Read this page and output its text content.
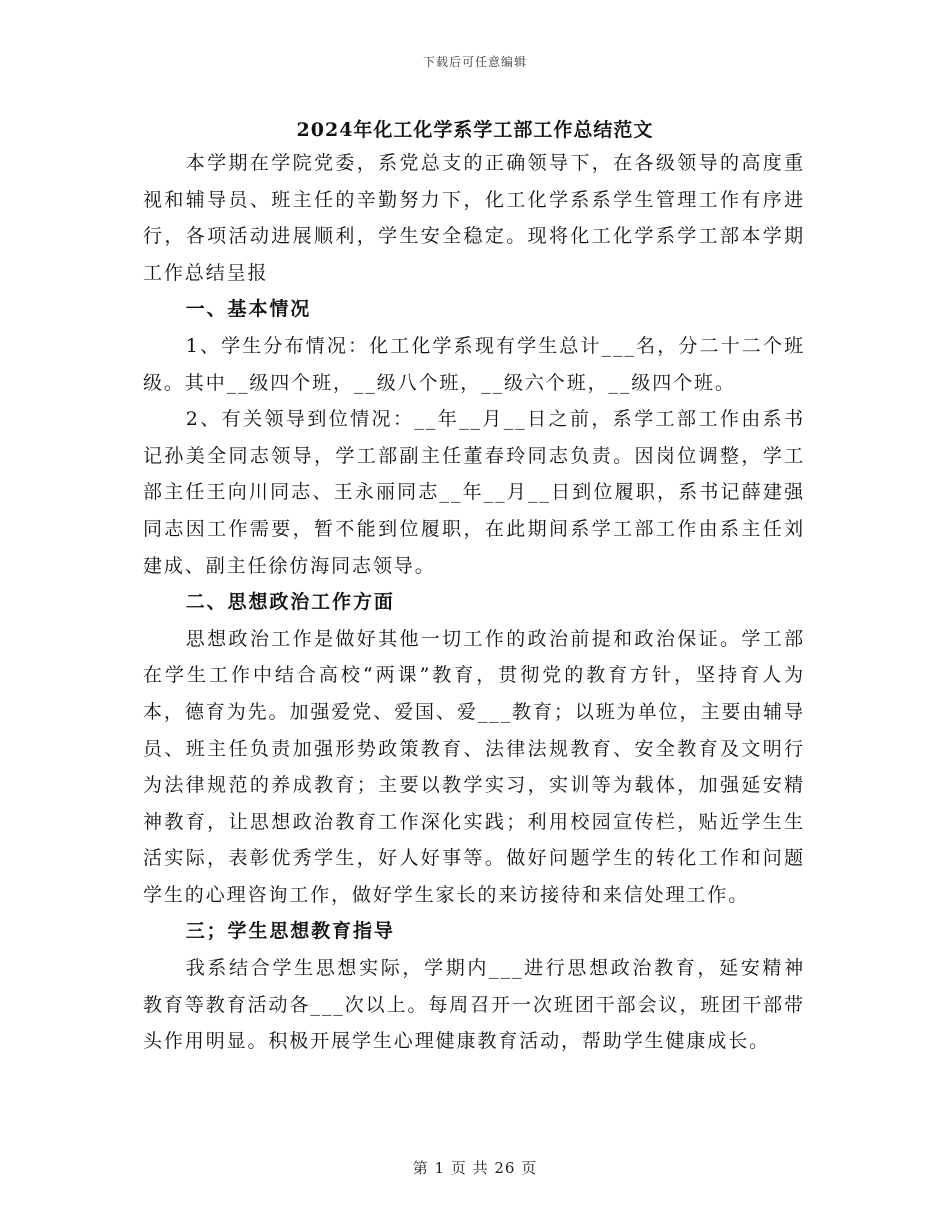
下载后可任意编辑
2024年化工化学系学工部工作总结范文

本学期在学院党委，系党总支的正确领导下，在各级领导的高度重视和辅导员、班主任的辛勤努力下，化工化学系系学生管理工作有序进行，各项活动进展顺利，学生安全稳定。现将化工化学系学工部本学期工作总结呈报

一、基本情况

1、学生分布情况：化工化学系现有学生总计___名，分二十二个班级。其中__级四个班，__级八个班，__级六个班，__级四个班。

2、有关领导到位情况：__年__月__日之前，系学工部工作由系书记孙美全同志领导，学工部副主任董春玲同志负责。因岗位调整，学工部主任王向川同志、王永丽同志__年__月__日到位履职，系书记薛建强同志因工作需要，暂不能到位履职，在此期间系学工部工作由系主任刘建成、副主任徐仿海同志领导。

二、思想政治工作方面

思想政治工作是做好其他一切工作的政治前提和政治保证。学工部在学生工作中结合高校“两课”教育，贯彻党的教育方针，坚持育人为本，德育为先。加强爱党、爱国、爱___教育；以班为单位，主要由辅导员、班主任负责加强形势政策教育、法律法规教育、安全教育及文明行为法律规范的养成教育；主要以教学实习，实训等为载体，加强延安精神教育，让思想政治教育工作深化实践；利用校园宣传栏，贴近学生生活实际，表彰优秀学生，好人好事等。做好问题学生的转化工作和问题学生的心理咨询工作，做好学生家长的来访接待和来信处理工作。

三；学生思想教育指导

我系结合学生思想实际，学期内___进行思想政治教育，延安精神教育等教育活动各___次以上。每周召开一次班团干部会议，班团干部带头作用明显。积极开展学生心理健康教育活动，帮助学生健康成长。

第 1 页 共 26 页
